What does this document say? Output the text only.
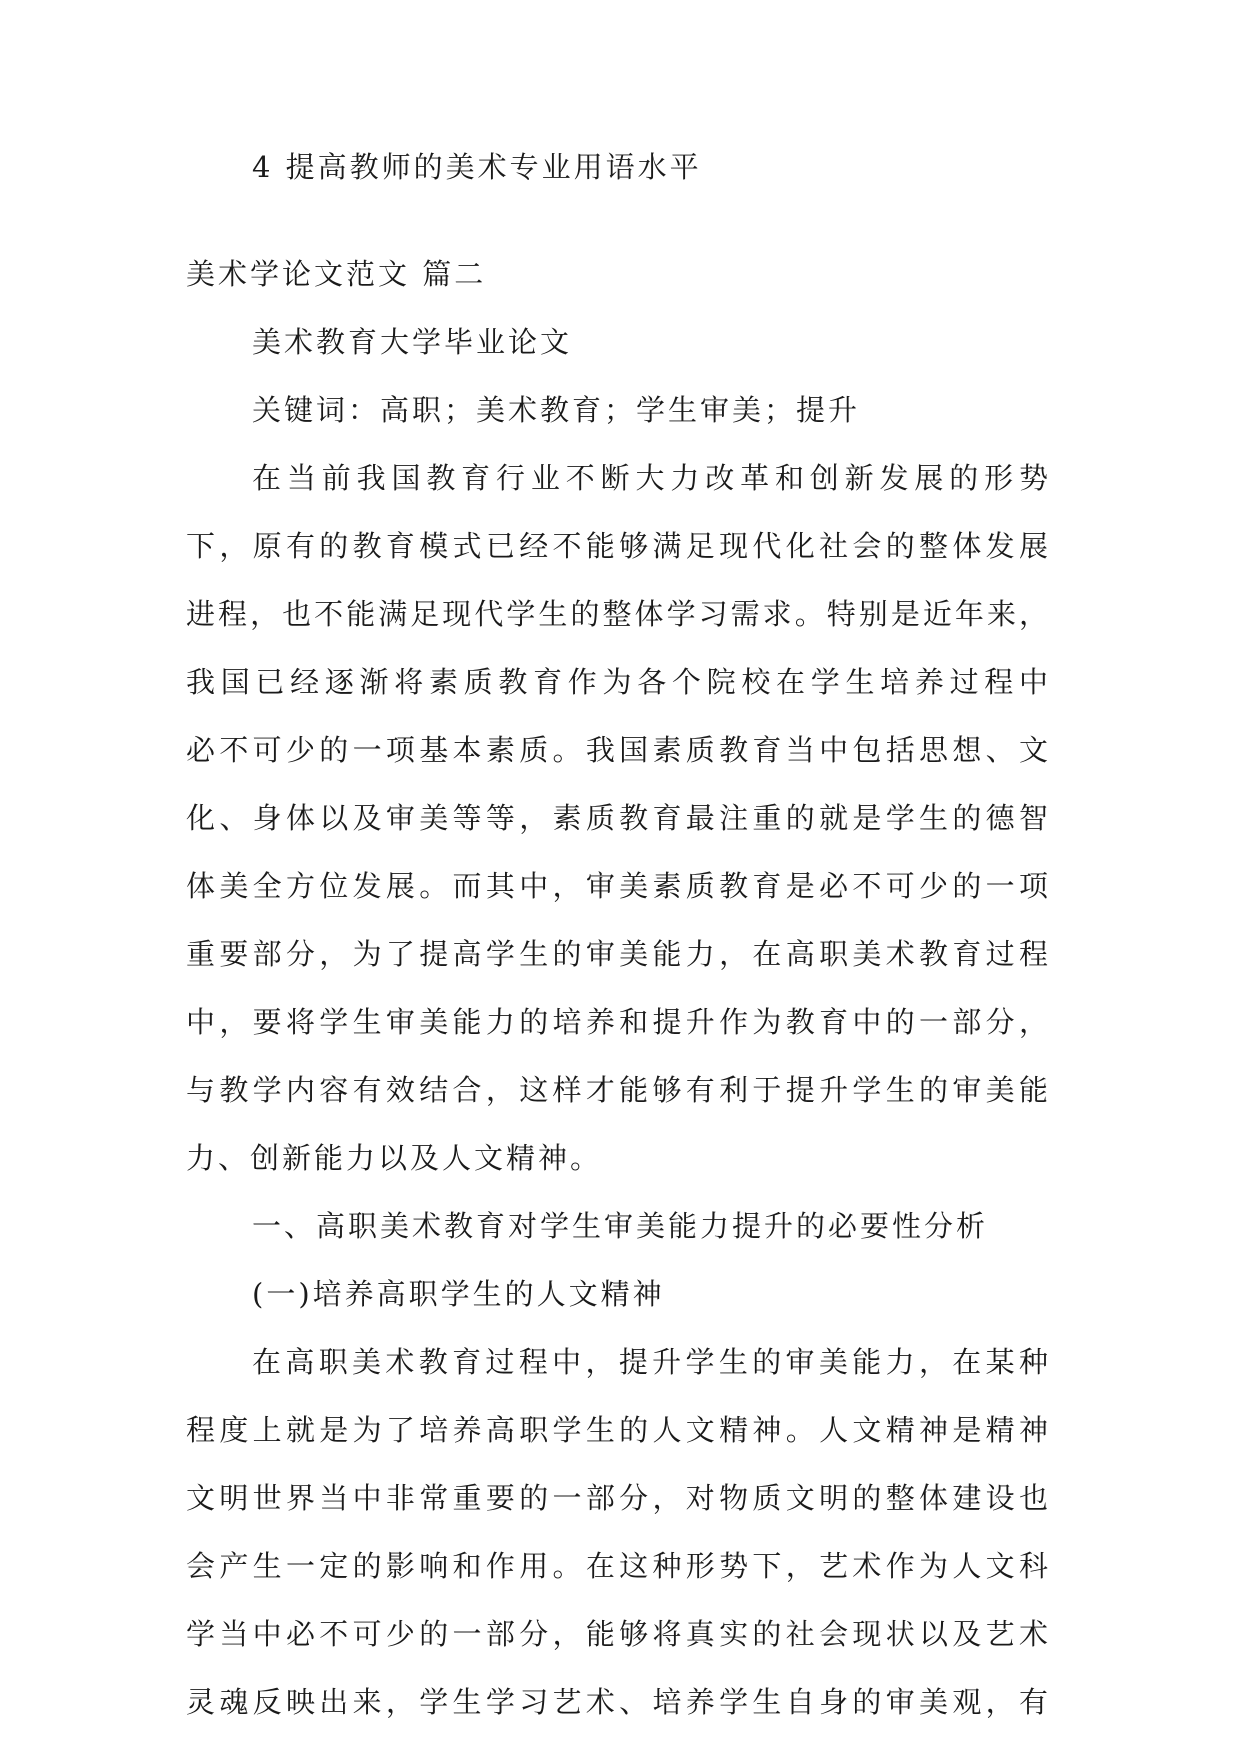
4 提高教师的美术专业用语水平
美术学论文范文 篇二
美术教育大学毕业论文
关键词：高职；美术教育；学生审美；提升
在当前我国教育行业不断大力改革和创新发展的形势
下，原有的教育模式已经不能够满足现代化社会的整体发展
进程，也不能满足现代学生的整体学习需求。特别是近年来，
我国已经逐渐将素质教育作为各个院校在学生培养过程中
必不可少的一项基本素质。我国素质教育当中包括思想、文
化、身体以及审美等等，素质教育最注重的就是学生的德智
体美全方位发展。而其中，审美素质教育是必不可少的一项
重要部分，为了提高学生的审美能力，在高职美术教育过程
中，要将学生审美能力的培养和提升作为教育中的一部分，
与教学内容有效结合，这样才能够有利于提升学生的审美能
力、创新能力以及人文精神。
一、高职美术教育对学生审美能力提升的必要性分析
(一)培养高职学生的人文精神
在高职美术教育过程中，提升学生的审美能力，在某种
程度上就是为了培养高职学生的人文精神。人文精神是精神
文明世界当中非常重要的一部分，对物质文明的整体建设也
会产生一定的影响和作用。在这种形势下，艺术作为人文科
学当中必不可少的一部分，能够将真实的社会现状以及艺术
灵魂反映出来，学生学习艺术、培养学生自身的审美观，有
